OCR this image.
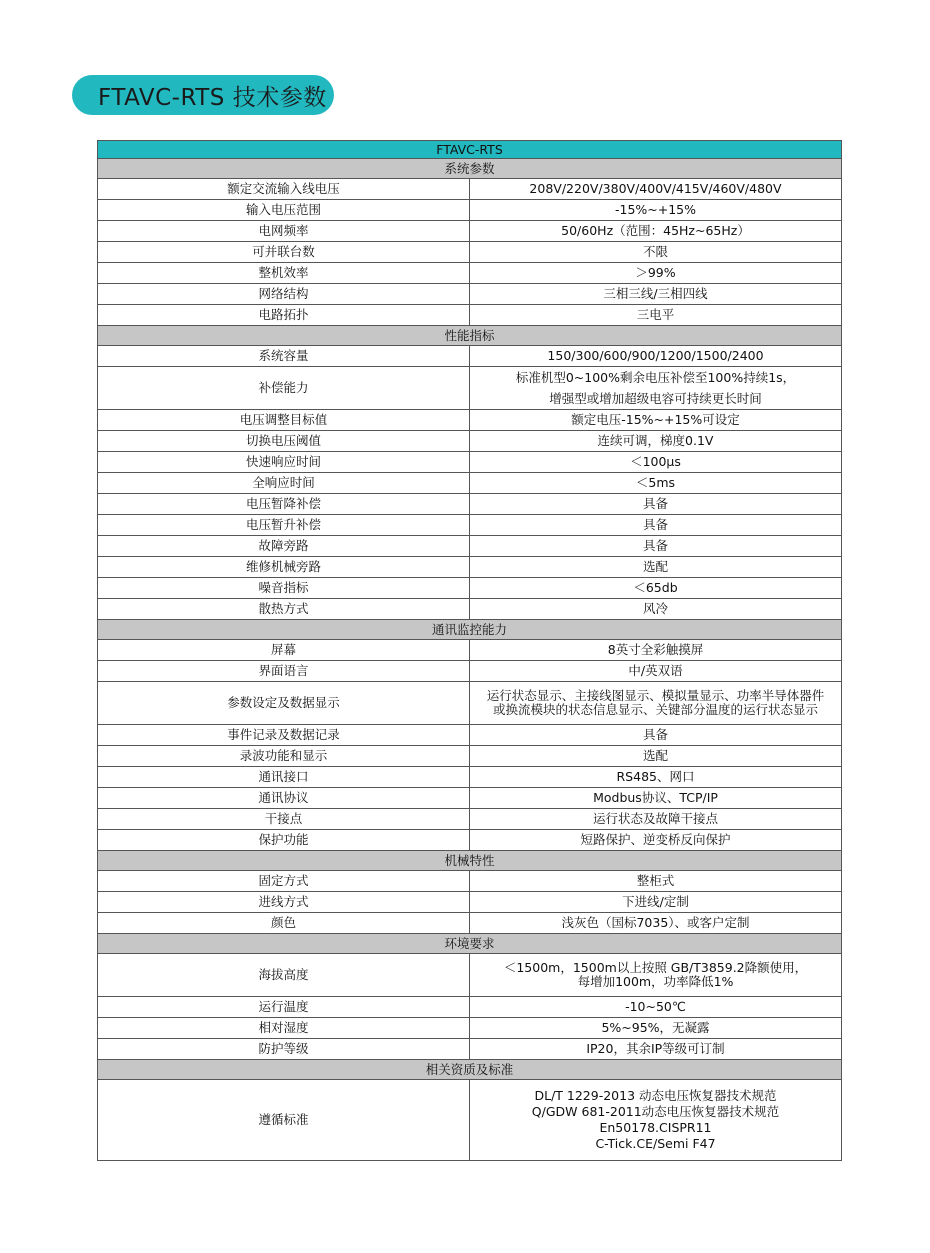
FTAVC-RTS 技术参数
FTAVC-RTS	
系统参数	
额定交流输入线电压	208V/220V/380V/400V/415V/460V/480V
输入电压范围	-15%~+15%
电网频率	50/60Hz（范围：45Hz~65Hz）
可并联台数	不限
整机效率	＞99%
网络结构	三相三线/三相四线
电路拓扑	三电平
性能指标	
系统容量	150/300/600/900/1200/1500/2400
补偿能力	标准机型0~100%剩余电压补偿至100%持续1s，
增强型或增加超级电容可持续更长时间

电压调整目标值	额定电压-15%~+15%可设定
切换电压阈值	连续可调，梯度0.1V
快速响应时间	＜100μs
全响应时间	＜5ms
电压暂降补偿	具备
电压暂升补偿	具备
故障旁路	具备
维修机械旁路	选配
噪音指标	＜65db
散热方式	风冷
通讯监控能力	
屏幕	8英寸全彩触摸屏
界面语言	中/英双语
参数设定及数据显示	运行状态显示、主接线图显示、模拟量显示、功率半导体器件
或换流模块的状态信息显示、关键部分温度的运行状态显示

事件记录及数据记录	具备
录波功能和显示	选配
通讯接口	RS485、网口
通讯协议	Modbus协议、TCP/IP
干接点	运行状态及故障干接点
保护功能	短路保护、逆变桥反向保护
机械特性	
固定方式	整柜式
进线方式	下进线/定制
颜色	浅灰色（国标7035）、或客户定制
环境要求	
海拔高度	＜1500m，1500m以上按照 GB/T3859.2降额使用，
每增加100m，功率降低1%

运行温度	-10~50℃
相对湿度	5%~95%，无凝露
防护等级	IP20，其余IP等级可订制
相关资质及标准	
遵循标准	DL/T 1229-2013 动态电压恢复器技术规范
Q/GDW 681-2011动态电压恢复器技术规范
En50178.CISPR11
C-Tick.CE/Semi F47
